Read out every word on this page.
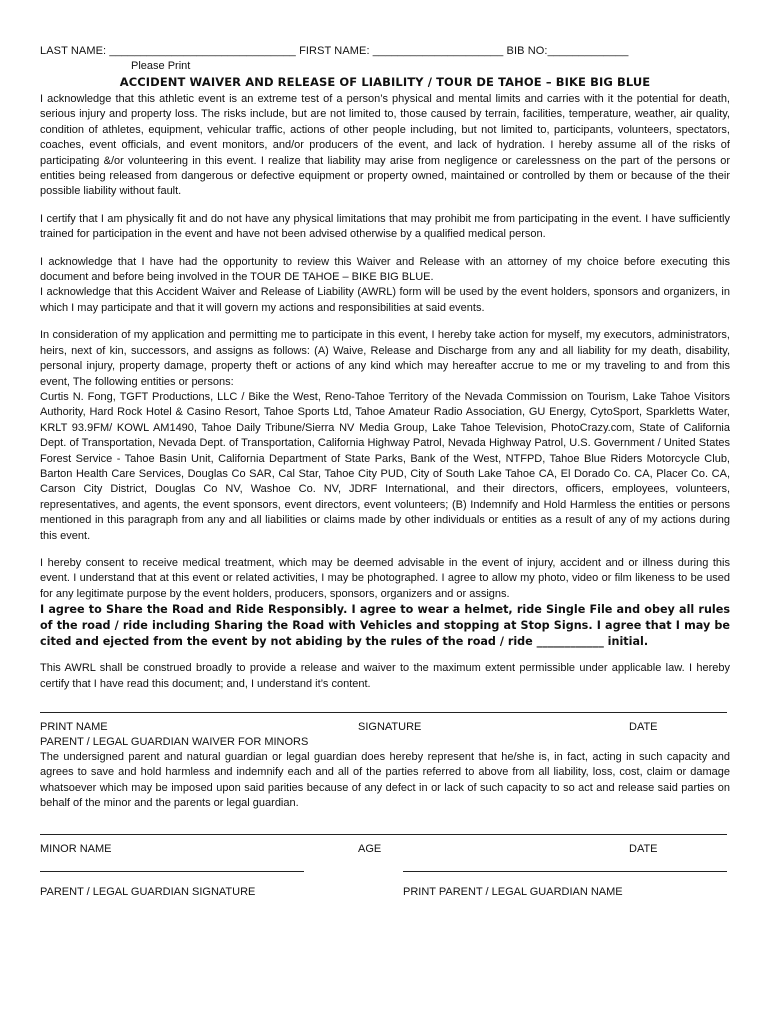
LAST NAME: ______________________________ FIRST NAME: _____________________ BIB NO:_____________
Please Print
ACCIDENT WAIVER AND RELEASE OF LIABILITY / TOUR DE TAHOE – BIKE BIG BLUE

I acknowledge that this athletic event is an extreme test of a person’s physical and mental limits and carries with it the potential for death, serious injury and property loss. The risks include, but are not limited to, those caused by terrain, facilities, temperature, weather, air quality, condition of athletes, equipment, vehicular traffic, actions of other people including, but not limited to, participants, volunteers, spectators, coaches, event officials, and event monitors, and/or producers of the event, and lack of hydration. I hereby assume all of the risks of participating &/or volunteering in this event. I realize that liability may arise from negligence or carelessness on the part of the persons or entities being released from dangerous or defective equipment or property owned, maintained or controlled by them or because of the their possible liability without fault.

I certify that I am physically fit and do not have any physical limitations that may prohibit me from participating in the event. I have sufficiently trained for participation in the event and have not been advised otherwise by a qualified medical person.

I acknowledge that I have had the opportunity to review this Waiver and Release with an attorney of my choice before executing this document and before being involved in the TOUR DE TAHOE – BIKE BIG BLUE.

I acknowledge that this Accident Waiver and Release of Liability (AWRL) form will be used by the event holders, sponsors and organizers, in which I may participate and that it will govern my actions and responsibilities at said events.

In consideration of my application and permitting me to participate in this event, I hereby take action for myself, my executors, administrators, heirs, next of kin, successors, and assigns as follows: (A) Waive, Release and Discharge from any and all liability for my death, disability, personal injury, property damage, property theft or actions of any kind which may hereafter accrue to me or my traveling to and from this event, The following entities or persons:

Curtis N. Fong, TGFT Productions, LLC / Bike the West, Reno-Tahoe Territory of the Nevada Commission on Tourism, Lake Tahoe Visitors Authority, Hard Rock Hotel & Casino Resort, Tahoe Sports Ltd, Tahoe Amateur Radio Association, GU Energy, CytoSport, Sparkletts Water, KRLT 93.9FM/ KOWL AM1490, Tahoe Daily Tribune/Sierra NV Media Group, Lake Tahoe Television, PhotoCrazy.com, State of California Dept. of Transportation, Nevada Dept. of Transportation, California Highway Patrol, Nevada Highway Patrol, U.S. Government / United States Forest Service - Tahoe Basin Unit, California Department of State Parks, Bank of the West, NTFPD, Tahoe Blue Riders Motorcycle Club, Barton Health Care Services, Douglas Co SAR, Cal Star, Tahoe City PUD, City of South Lake Tahoe CA, El Dorado Co. CA, Placer Co. CA, Carson City District, Douglas Co NV, Washoe Co. NV, JDRF International, and their directors, officers, employees, volunteers, representatives, and agents, the event sponsors, event directors, event volunteers; (B) Indemnify and Hold Harmless the entities or persons mentioned in this paragraph from any and all liabilities or claims made by other individuals or entities as a result of any of my actions during this event.

I hereby consent to receive medical treatment, which may be deemed advisable in the event of injury, accident and or illness during this event. I understand that at this event or related activities, I may be photographed. I agree to allow my photo, video or film likeness to be used for any legitimate purpose by the event holders, producers, sponsors, organizers and or assigns.

I agree to Share the Road and Ride Responsibly. I agree to wear a helmet, ride Single File and obey all rules of the road / ride including Sharing the Road with Vehicles and stopping at Stop Signs. I agree that I may be cited and ejected from the event by not abiding by the rules of the road / ride ____________ initial.

This AWRL shall be construed broadly to provide a release and waiver to the maximum extent permissible under applicable law. I hereby certify that I have read this document; and, I understand it’s content.

PRINT NAME	SIGNATURE	DATE
PARENT / LEGAL GUARDIAN WAIVER FOR MINORS

The undersigned parent and natural guardian or legal guardian does hereby represent that he/she is, in fact, acting in such capacity and agrees to save and hold harmless and indemnify each and all of the parties referred to above from all liability, loss, cost, claim or damage whatsoever which may be imposed upon said parities because of any defect in or lack of such capacity to so act and release said parties on behalf of the minor and the parents or legal guardian.

MINOR NAME	AGE	DATE
PARENT / LEGAL GUARDIAN SIGNATURE	PRINT PARENT / LEGAL GUARDIAN NAME
